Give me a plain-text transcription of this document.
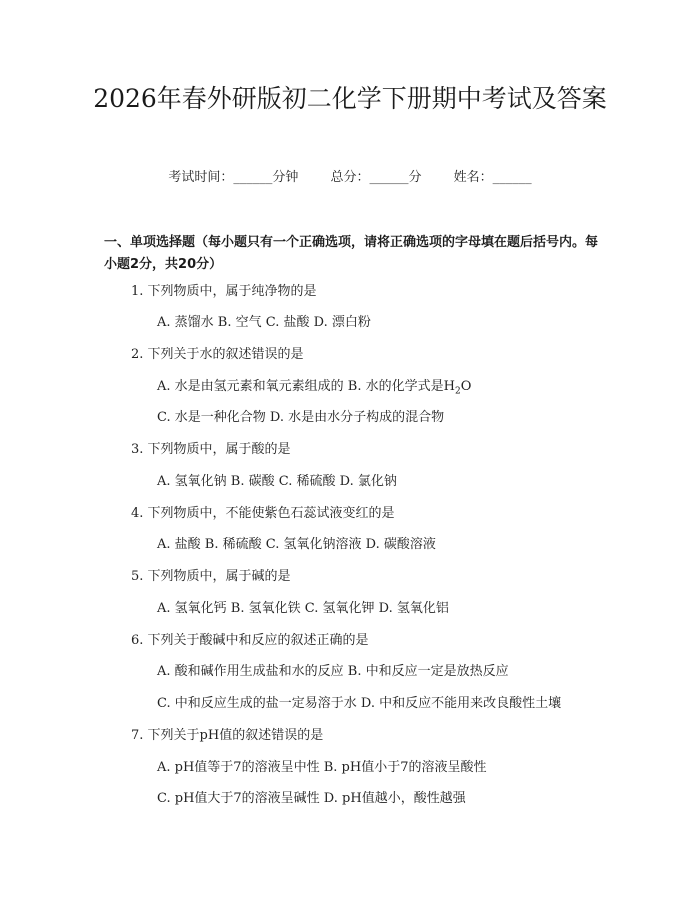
2026年春外研版初二化学下册期中考试及答案
考试时间：______分钟 总分：______分 姓名：______
一、单项选择题（每小题只有一个正确选项，请将正确选项的字母填在题后括号内。每小题2分，共20分）
1. 下列物质中，属于纯净物的是
A. 蒸馏水 B. 空气 C. 盐酸 D. 漂白粉
2. 下列关于水的叙述错误的是
A. 水是由氢元素和氧元素组成的 B. 水的化学式是$H_2O$
C. 水是一种化合物 D. 水是由水分子构成的混合物
3. 下列物质中，属于酸的是
A. 氢氧化钠 B. 碳酸 C. 稀硫酸 D. 氯化钠
4. 下列物质中，不能使紫色石蕊试液变红的是
A. 盐酸 B. 稀硫酸 C. 氢氧化钠溶液 D. 碳酸溶液
5. 下列物质中，属于碱的是
A. 氢氧化钙 B. 氢氧化铁 C. 氢氧化钾 D. 氢氧化铝
6. 下列关于酸碱中和反应的叙述正确的是
A. 酸和碱作用生成盐和水的反应 B. 中和反应一定是放热反应
C. 中和反应生成的盐一定易溶于水 D. 中和反应不能用来改良酸性土壤
7. 下列关于pH值的叙述错误的是
A. pH值等于7的溶液呈中性 B. pH值小于7的溶液呈酸性
C. pH值大于7的溶液呈碱性 D. pH值越小，酸性越强
